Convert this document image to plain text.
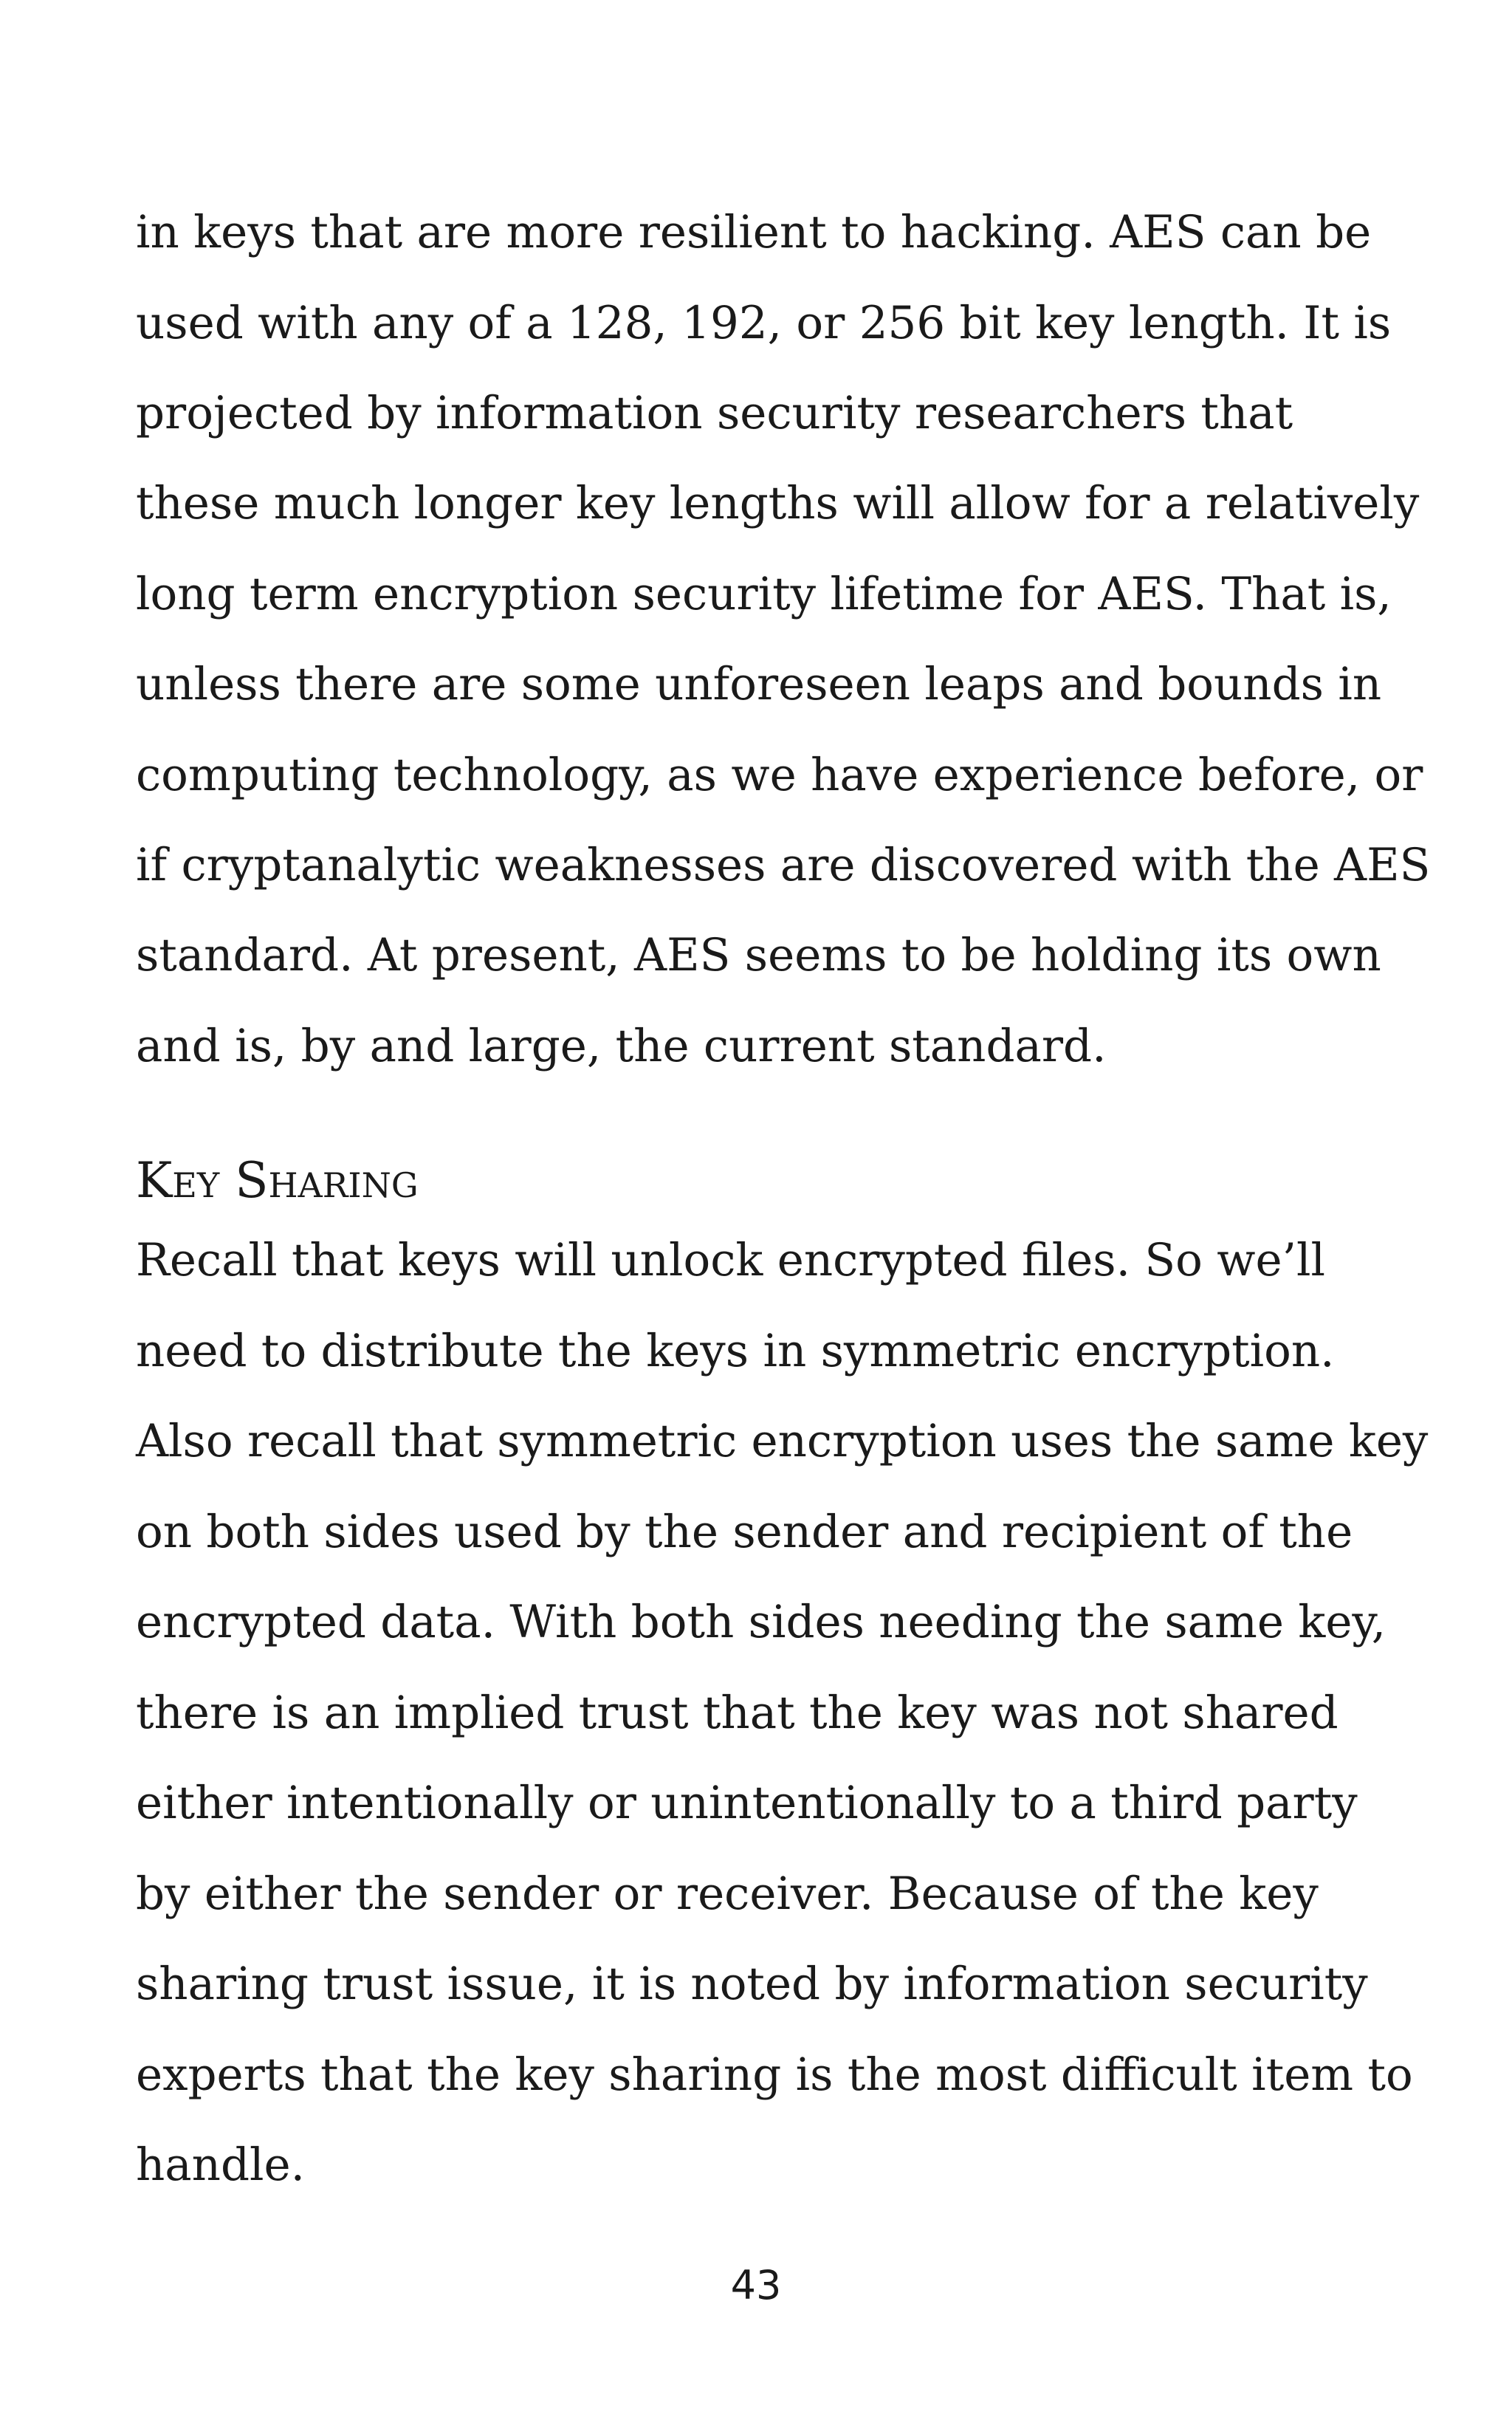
in keys that are more resilient to hacking. AES can be
used with any of a 128, 192, or 256 bit key length. It is
projected by information security researchers that
these much longer key lengths will allow for a relatively
long term encryption security lifetime for AES. That is,
unless there are some unforeseen leaps and bounds in
computing technology, as we have experience before, or
if cryptanalytic weaknesses are discovered with the AES
standard. At present, AES seems to be holding its own
and is, by and large, the current standard.
Key Sharing
Recall that keys will unlock encrypted files. So we’ll
need to distribute the keys in symmetric encryption.
Also recall that symmetric encryption uses the same key
on both sides used by the sender and recipient of the
encrypted data. With both sides needing the same key,
there is an implied trust that the key was not shared
either intentionally or unintentionally to a third party
by either the sender or receiver. Because of the key
sharing trust issue, it is noted by information security
experts that the key sharing is the most difficult item to
handle.
43
